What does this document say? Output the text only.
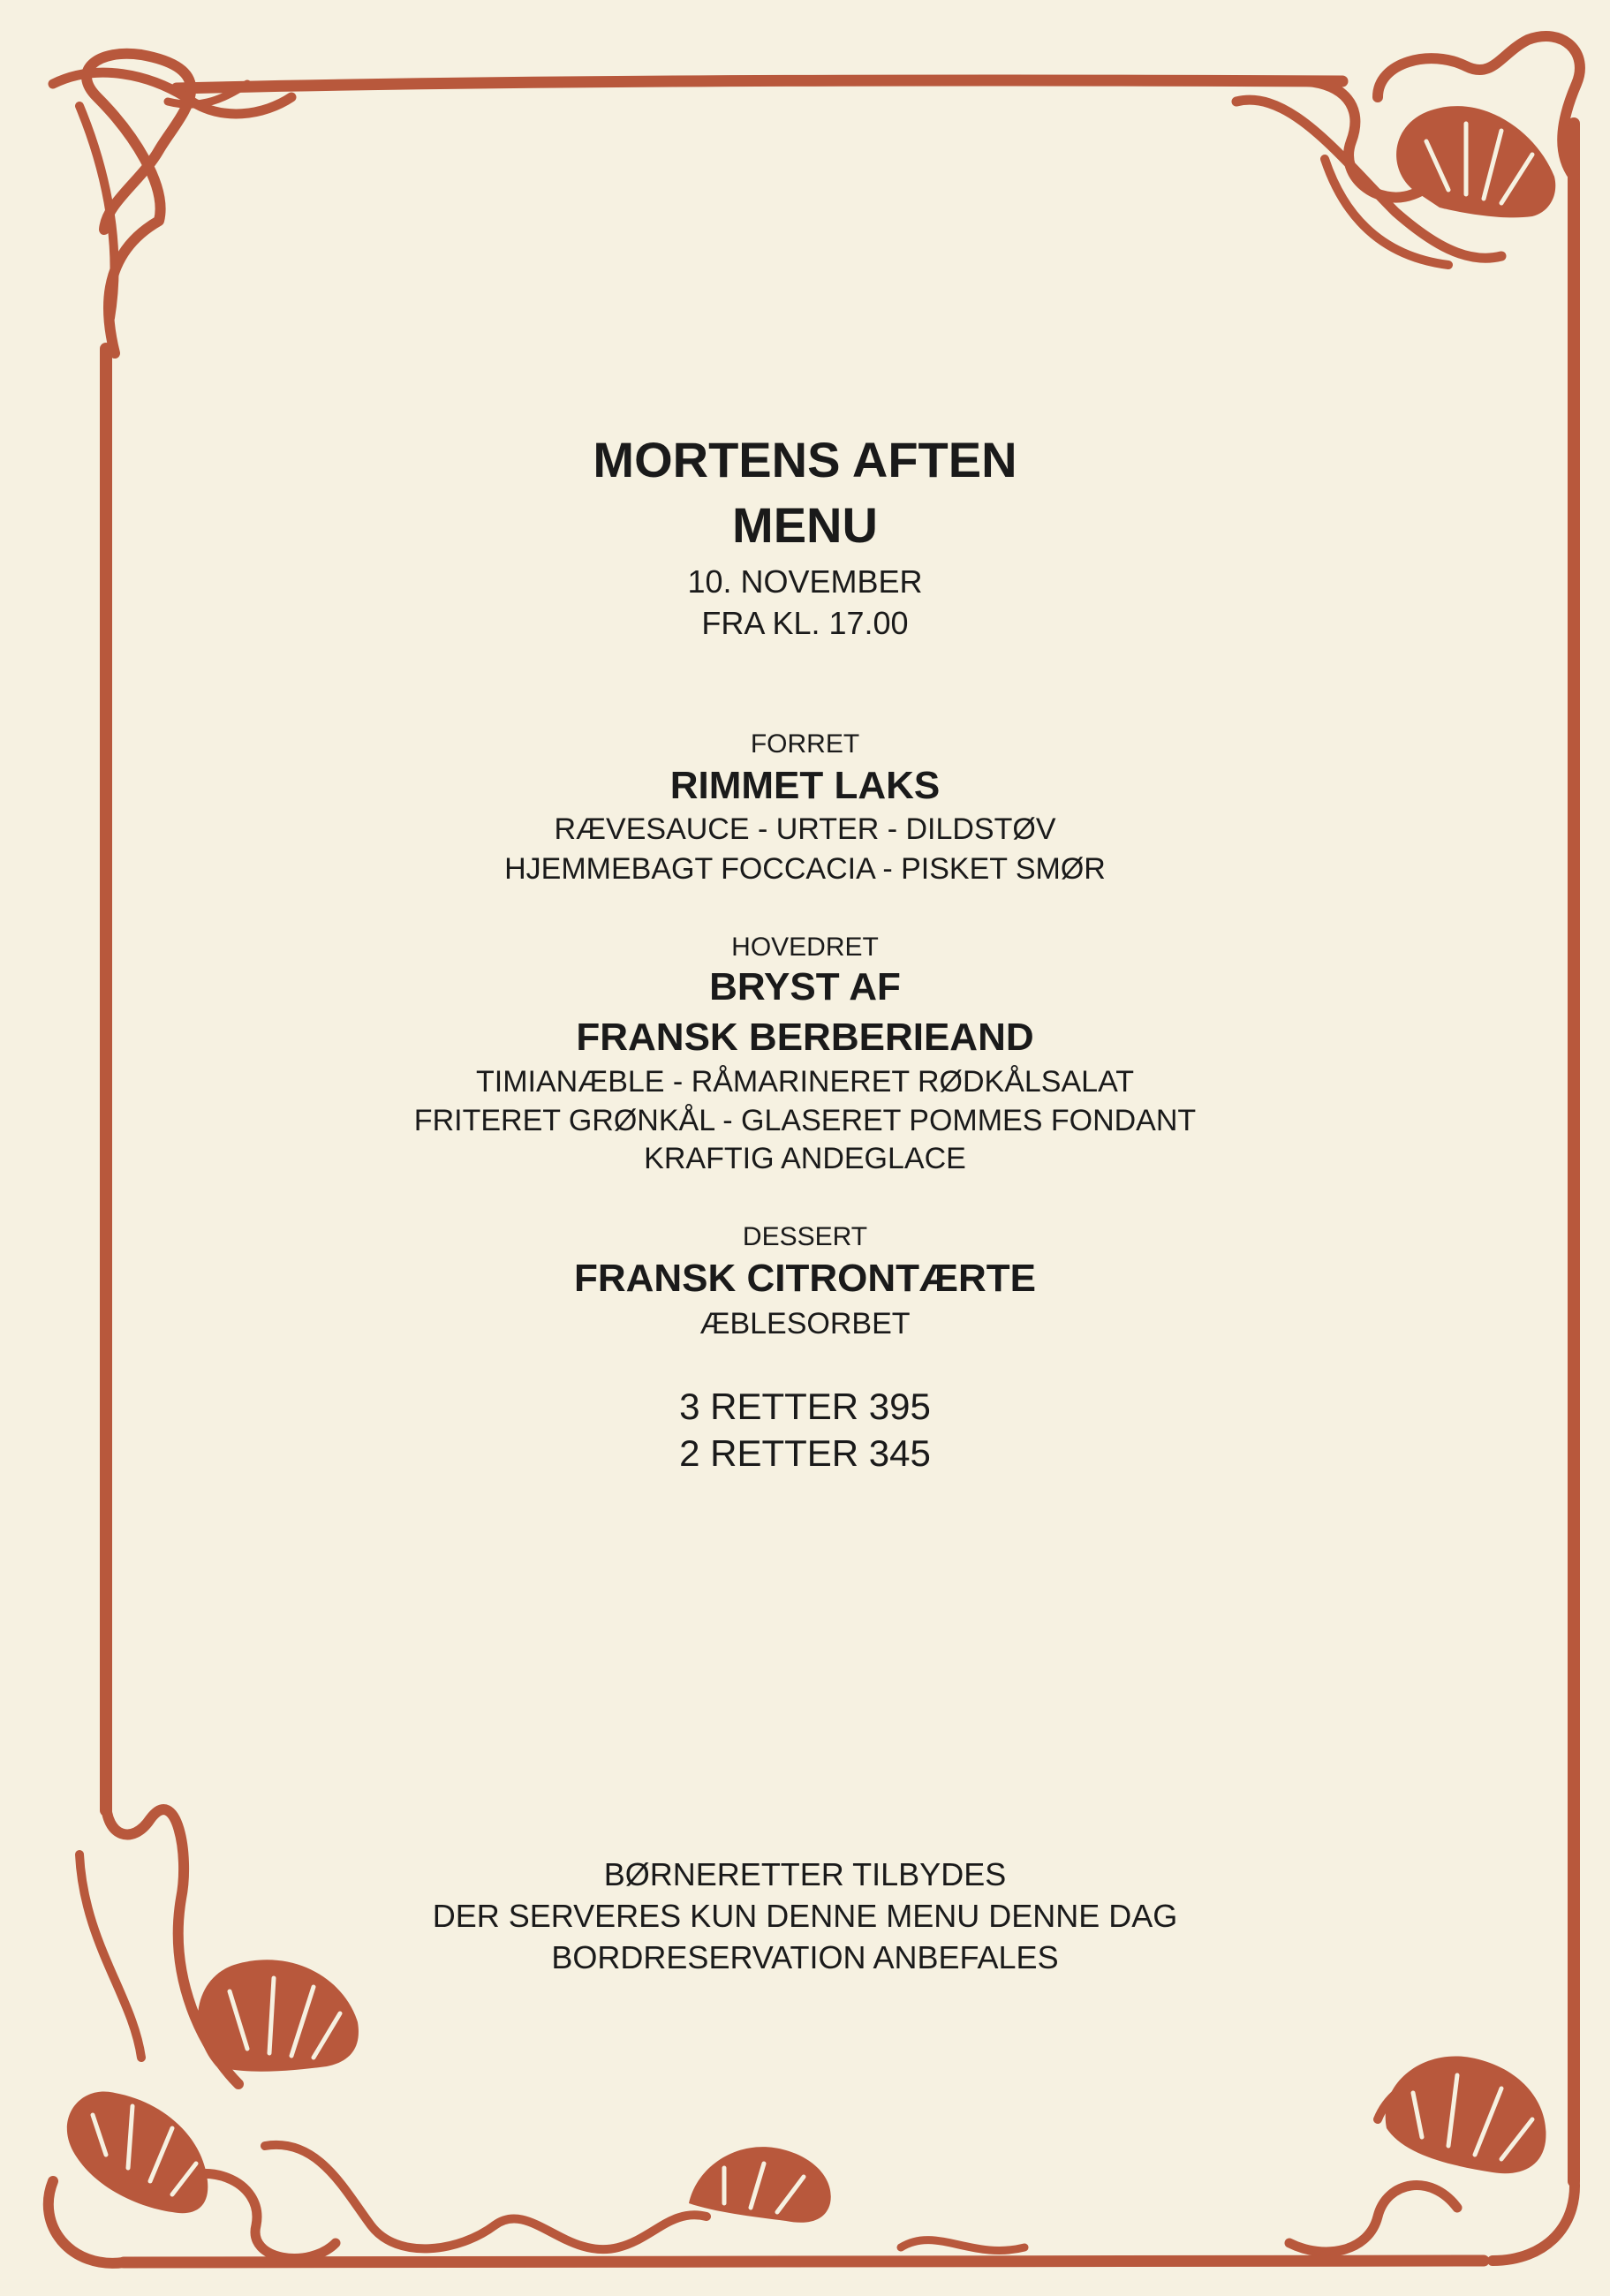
MORTENS AFTEN
MENU
10. NOVEMBER
FRA KL. 17.00
FORRET
RIMMET LAKS
RÆVESAUCE - URTER - DILDSTØV
HJEMMEBAGT FOCCACIA - PISKET SMØR
HOVEDRET
BRYST AF
FRANSK BERBERIEAND
TIMIANÆBLE - RÅMARINERET RØDKÅLSALAT
FRITERET GRØNKÅL - GLASERET POMMES FONDANT
KRAFTIG ANDEGLACE
DESSERT
FRANSK CITRONTÆRTE
ÆBLESORBET
3 RETTER 395
2 RETTER 345
BØRNERETTER TILBYDES
DER SERVERES KUN DENNE MENU DENNE DAG
BORDRESERVATION ANBEFALES
